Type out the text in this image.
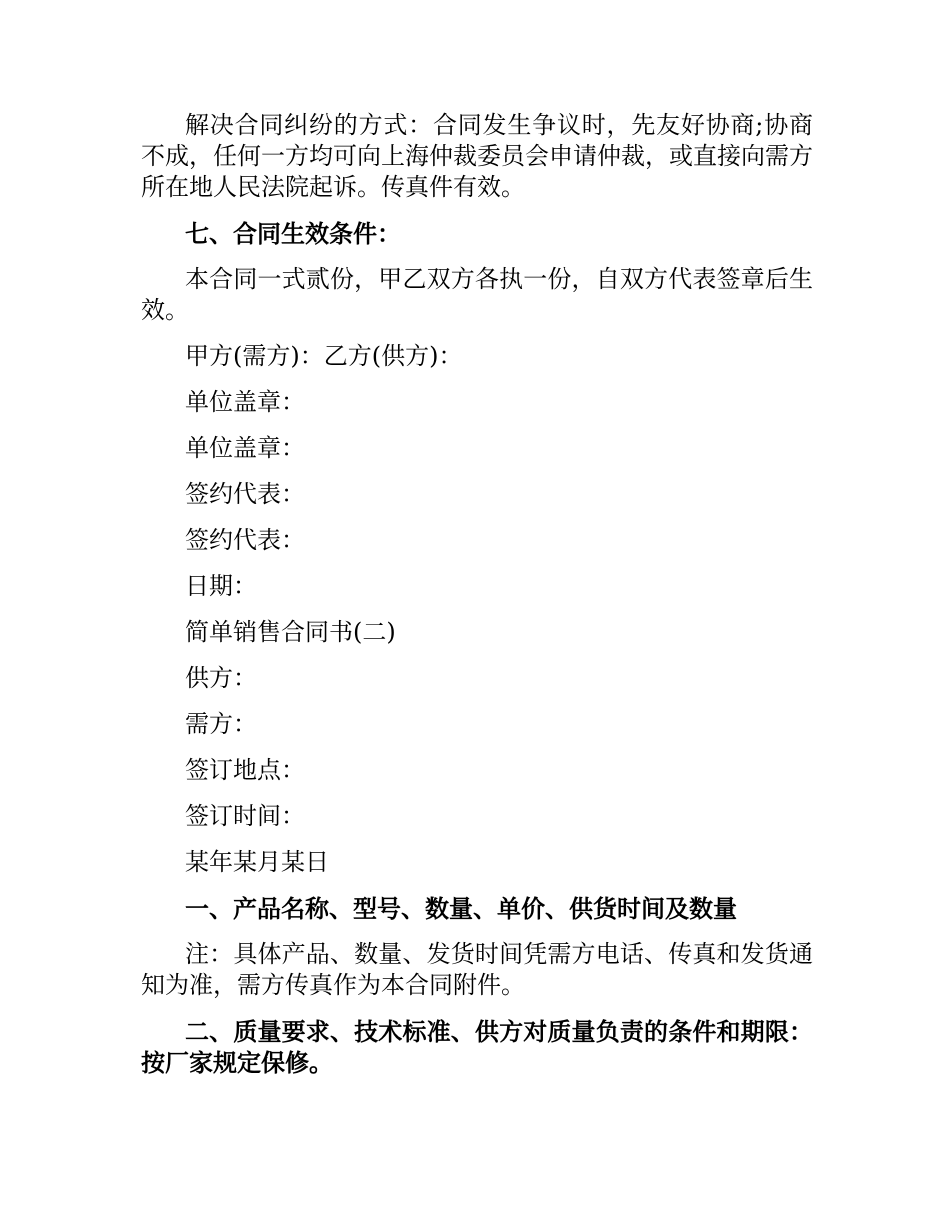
解决合同纠纷的方式：合同发生争议时，先友好协商;协商不成，任何一方均可向上海仲裁委员会申请仲裁，或直接向需方所在地人民法院起诉。传真件有效。

七、合同生效条件：

本合同一式贰份，甲乙双方各执一份，自双方代表签章后生效。

甲方(需方)：乙方(供方)：

单位盖章：

单位盖章：

签约代表：

签约代表：

日期：

简单销售合同书(二)

供方：

需方：

签订地点：

签订时间：

某年某月某日

一、产品名称、型号、数量、单价、供货时间及数量

注：具体产品、数量、发货时间凭需方电话、传真和发货通知为准，需方传真作为本合同附件。

二、质量要求、技术标准、供方对质量负责的条件和期限：按厂家规定保修。
